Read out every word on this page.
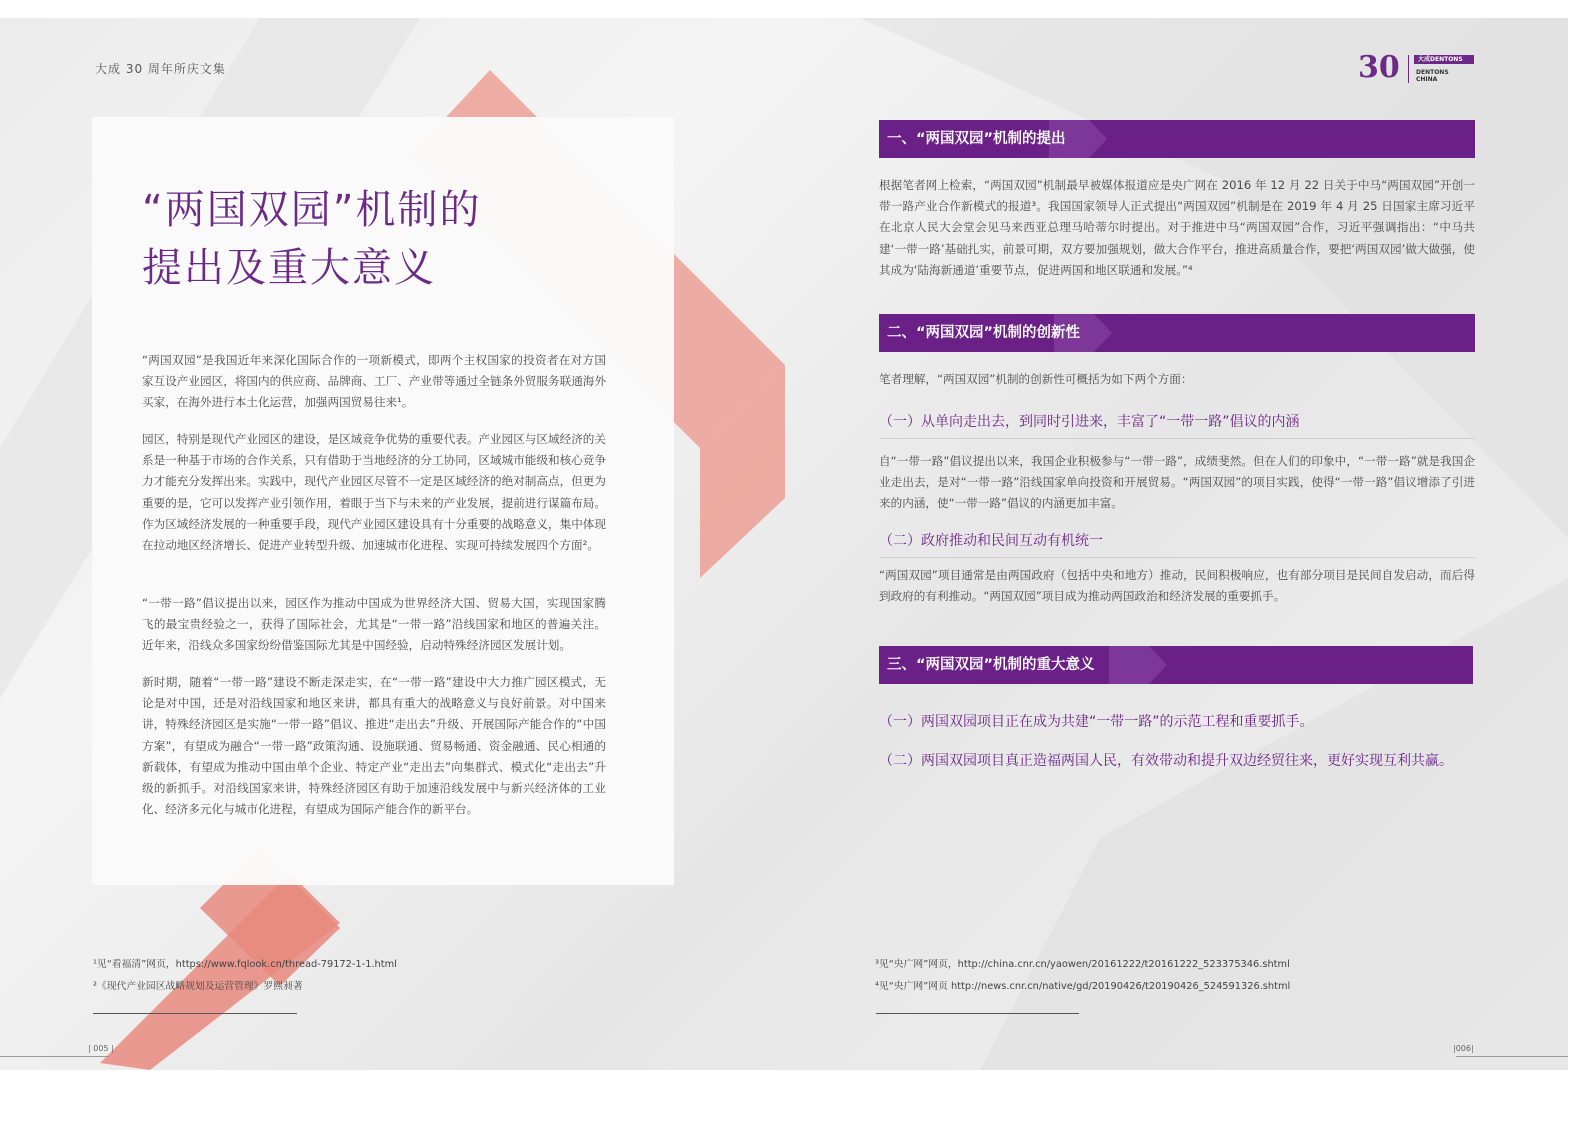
大成 30 周年所庆文集	30	大成DENTONS
DENTONS
CHINA
“两国双园”机制的
提出及重大意义

“两国双园”是我国近年来深化国际合作的一项新模式，即两个主权国家的投资者在对方国家互设产业园区，将国内的供应商、品牌商、工厂、产业带等通过全链条外贸服务联通海外买家，在海外进行本土化运营，加强两国贸易往来¹。

园区，特别是现代产业园区的建设，是区域竞争优势的重要代表。产业园区与区域经济的关系是一种基于市场的合作关系，只有借助于当地经济的分工协同，区域城市能级和核心竞争力才能充分发挥出来。实践中，现代产业园区尽管不一定是区域经济的绝对制高点，但更为重要的是，它可以发挥产业引领作用，着眼于当下与未来的产业发展，提前进行谋篇布局。作为区域经济发展的一种重要手段，现代产业园区建设具有十分重要的战略意义，集中体现在拉动地区经济增长、促进产业转型升级、加速城市化进程、实现可持续发展四个方面²。

“一带一路”倡议提出以来，园区作为推动中国成为世界经济大国、贸易大国，实现国家腾飞的最宝贵经验之一，获得了国际社会，尤其是“一带一路”沿线国家和地区的普遍关注。近年来，沿线众多国家纷纷借鉴国际尤其是中国经验，启动特殊经济园区发展计划。

新时期，随着“一带一路”建设不断走深走实，在“一带一路”建设中大力推广园区模式，无论是对中国，还是对沿线国家和地区来讲，都具有重大的战略意义与良好前景。对中国来讲，特殊经济园区是实施“一带一路”倡议、推进“走出去”升级、开展国际产能合作的“中国方案”，有望成为融合“一带一路”政策沟通、设施联通、贸易畅通、资金融通、民心相通的新载体，有望成为推动中国由单个企业、特定产业“走出去”向集群式、模式化“走出去”升级的新抓手。对沿线国家来讲，特殊经济园区有助于加速沿线发展中与新兴经济体的工业化、经济多元化与城市化进程，有望成为国际产能合作的新平台。

¹见“看福清”网页，https://www.fqlook.cn/thread-79172-1-1.html
²《现代产业园区战略规划及运营管理》罗熙昶著
| 005 |
一、“两国双园”机制的提出

根据笔者网上检索，“两国双园”机制最早被媒体报道应是央广网在 2016 年 12 月 22 日关于中马“两国双园”开创一带一路产业合作新模式的报道³。我国国家领导人正式提出“两国双园”机制是在 2019 年 4 月 25 日国家主席习近平在北京人民大会堂会见马来西亚总理马哈蒂尔时提出。对于推进中马“两国双园”合作，习近平强调指出：“中马共建‘一带一路’基础扎实，前景可期，双方要加强规划，做大合作平台，推进高质量合作，要把‘两国双园’做大做强，使其成为‘陆海新通道’重要节点，促进两国和地区联通和发展。”⁴

二、“两国双园”机制的创新性

笔者理解，“两国双园”机制的创新性可概括为如下两个方面：

（一）从单向走出去，到同时引进来，丰富了“一带一路”倡议的内涵

自“一带一路”倡议提出以来，我国企业积极参与“一带一路”，成绩斐然。但在人们的印象中，“一带一路”就是我国企业走出去，是对“一带一路”沿线国家单向投资和开展贸易。“两国双园”的项目实践，使得“一带一路”倡议增添了引进来的内涵，使“一带一路”倡议的内涵更加丰富。

（二）政府推动和民间互动有机统一

“两国双园”项目通常是由两国政府（包括中央和地方）推动，民间积极响应，也有部分项目是民间自发启动，而后得到政府的有利推动。“两国双园”项目成为推动两国政治和经济发展的重要抓手。

三、“两国双园”机制的重大意义
（一）两国双园项目正在成为共建“一带一路”的示范工程和重要抓手。
（二）两国双园项目真正造福两国人民，有效带动和提升双边经贸往来，更好实现互利共赢。
³见“央广网”网页，http://china.cnr.cn/yaowen/20161222/t20161222_523375346.shtml
⁴见“央广网”网页 http://news.cnr.cn/native/gd/20190426/t20190426_524591326.shtml
|006|
